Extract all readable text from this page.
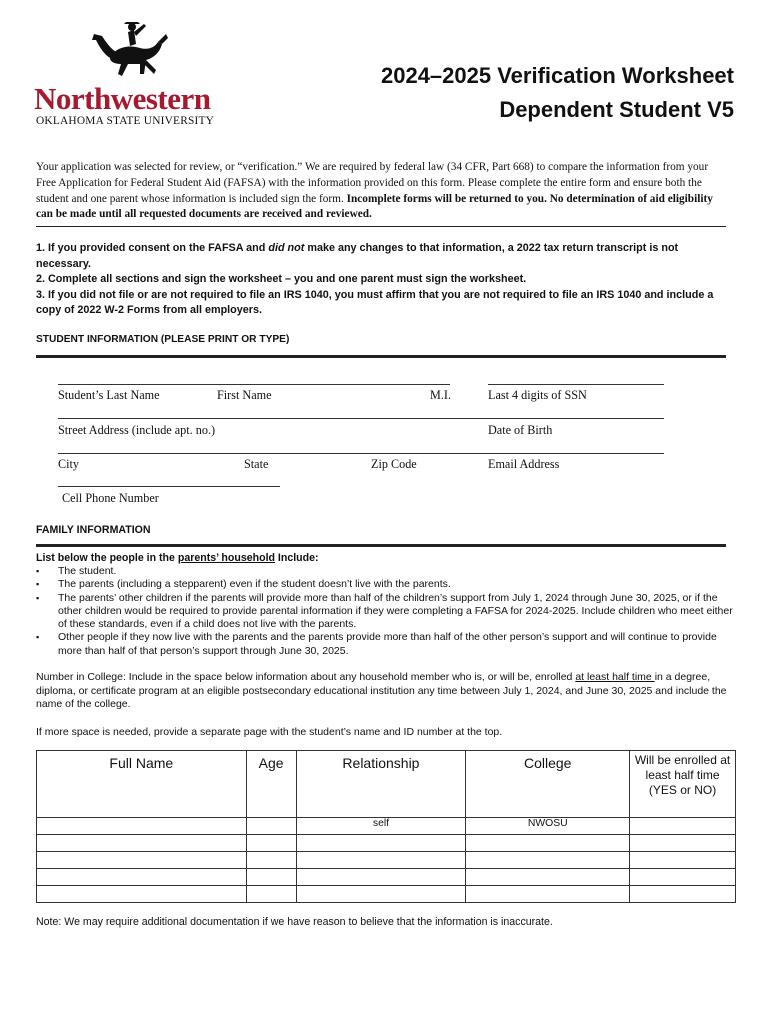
Northwestern
OKLAHOMA STATE UNIVERSITY
2024–2025 Verification Worksheet
Dependent Student V5
Your application was selected for review, or “verification.” We are required by federal law (34 CFR, Part 668) to compare the information from your Free Application for Federal Student Aid (FAFSA) with the information provided on this form. Please complete the entire form and ensure both the student and one parent whose information is included sign the form. Incomplete forms will be returned to you. No determination of aid eligibility can be made until all requested documents are received and reviewed.
1. If you provided consent on the FAFSA and did not make any changes to that information, a 2022 tax return transcript is not necessary.
2. Complete all sections and sign the worksheet – you and one parent must sign the worksheet.
3. If you did not file or are not required to file an IRS 1040, you must affirm that you are not required to file an IRS 1040 and include a copy of 2022 W-2 Forms from all employers.
STUDENT INFORMATION (PLEASE PRINT OR TYPE)
Student’s Last Name	First Name	M.I.	Last 4 digits of SSN
Street Address (include apt. no.)	Date of Birth
City	State	Zip Code	Email Address
Cell Phone Number
FAMILY INFORMATION
List below the people in the parents’ household Include:
▪	The student.
▪	The parents (including a stepparent) even if the student doesn’t live with the parents.
▪	The parents’ other children if the parents will provide more than half of the children’s support from July 1, 2024 through June 30, 2025, or if the other children would be required to provide parental information if they were completing a FAFSA for 2024-2025. Include children who meet either of these standards, even if a child does not live with the parents.
▪	Other people if they now live with the parents and the parents provide more than half of the other person’s support and will continue to provide more than half of that person’s support through June 30, 2025.
Number in College: Include in the space below information about any household member who is, or will be, enrolled at least half time in a degree, diploma, or certificate program at an eligible postsecondary educational institution any time between July 1, 2024, and June 30, 2025 and include the name of the college.
If more space is needed, provide a separate page with the student’s name and ID number at the top.
Full Name	Age	Relationship	College	Will be enrolled at least half time (YES or NO)
		self	NWOSU	

Note: We may require additional documentation if we have reason to believe that the information is inaccurate.
